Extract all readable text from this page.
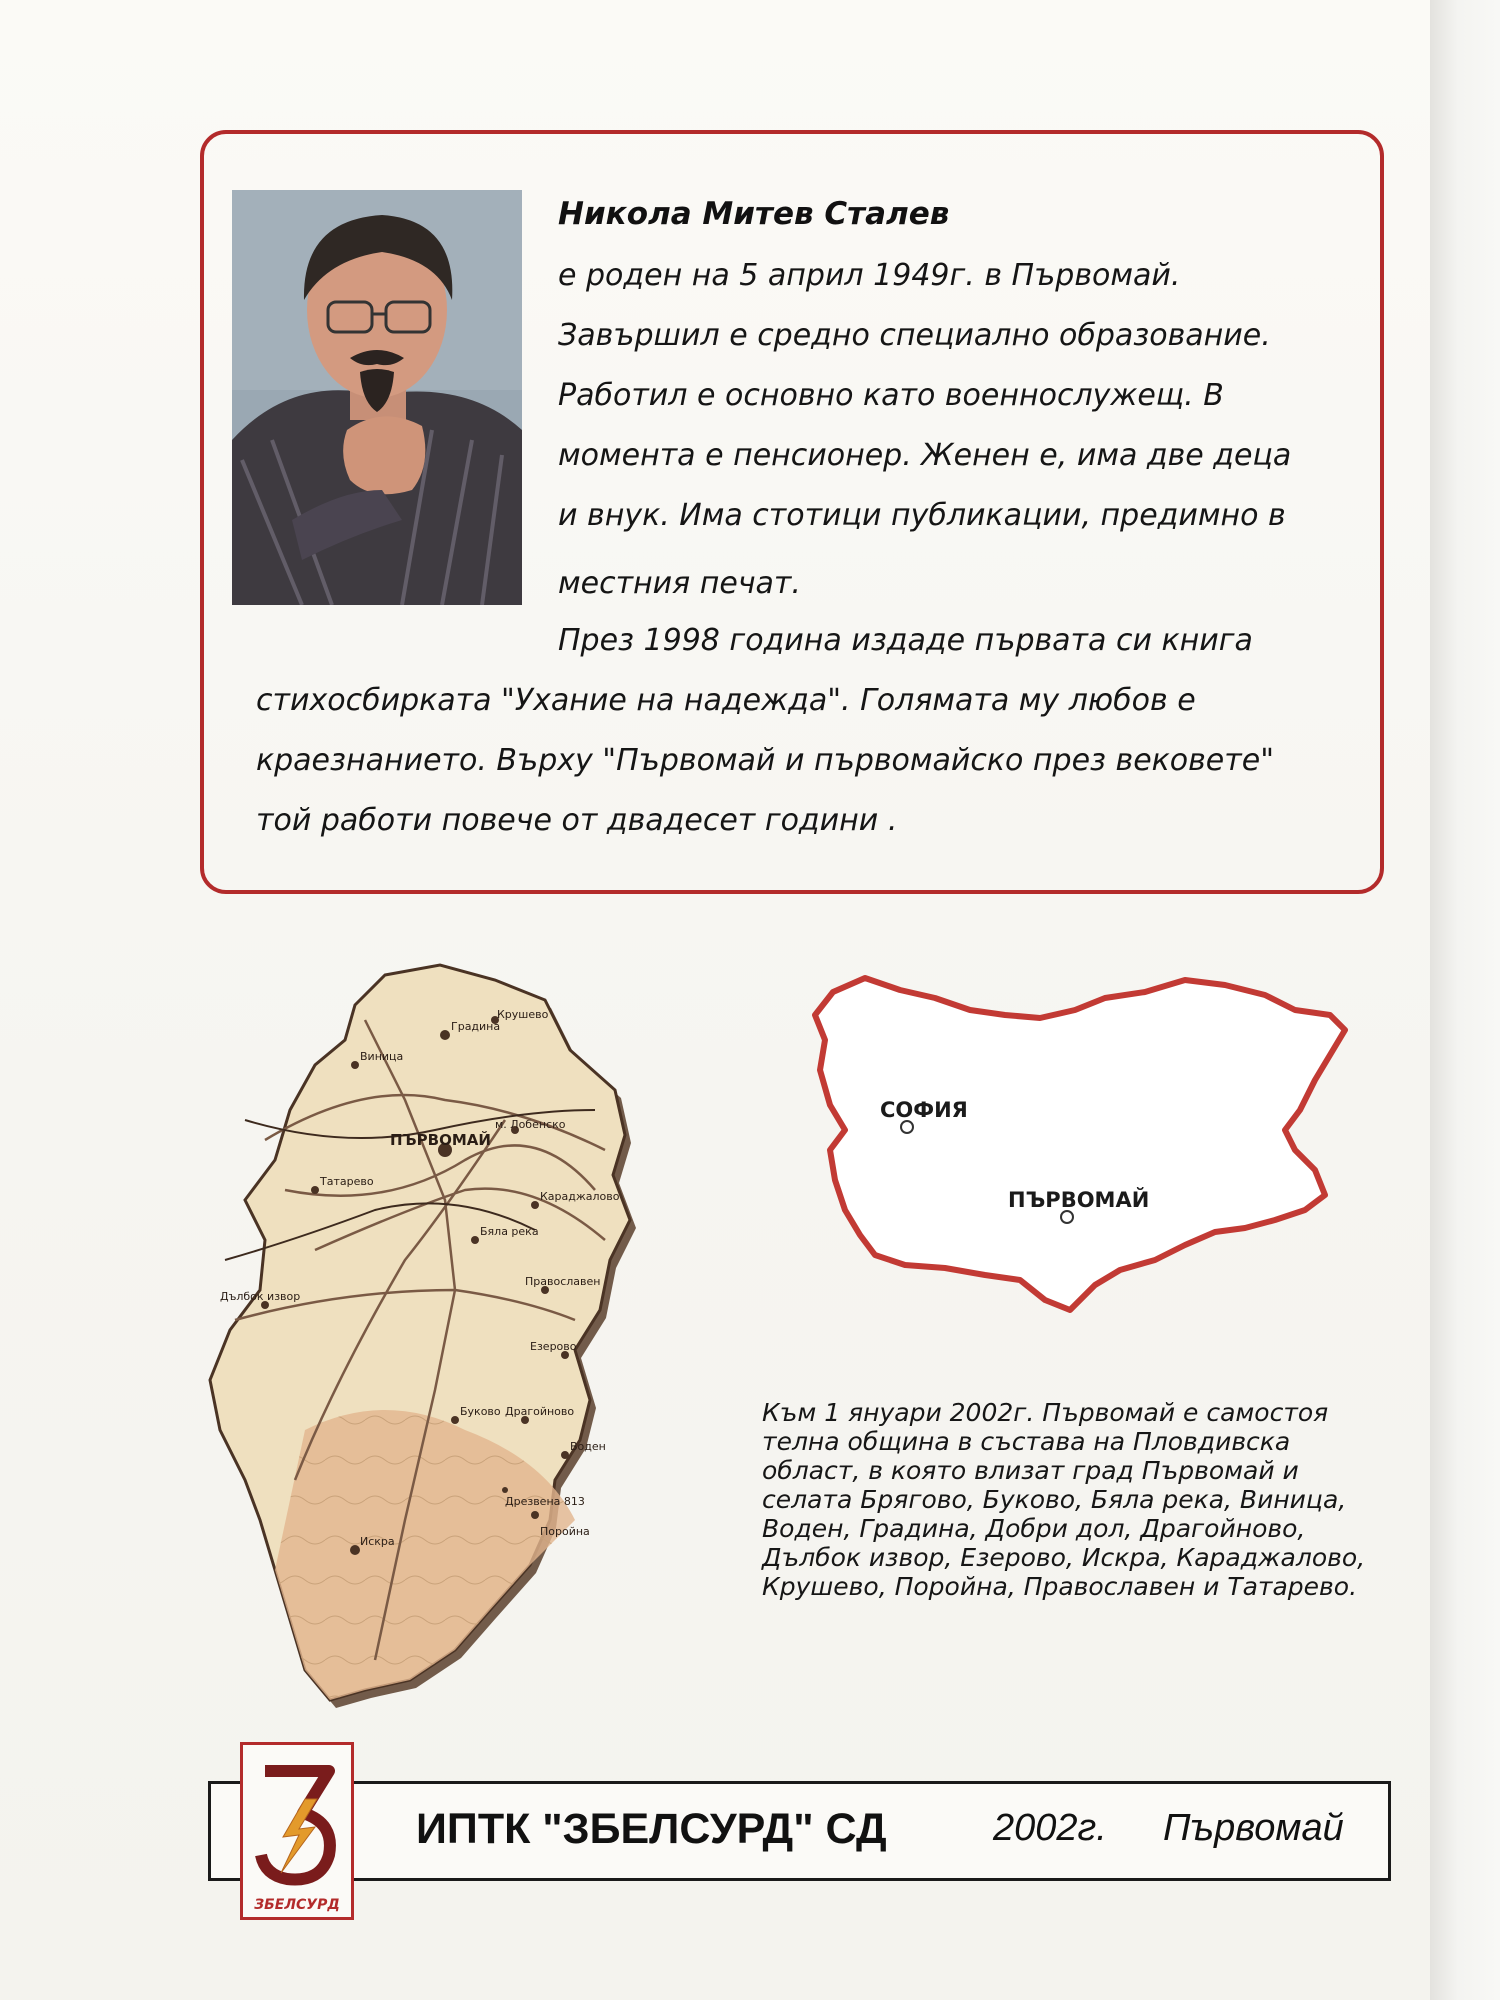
Никола Митев Сталев

е роден на 5 април 1949г. в Първомай.

Завършил е средно специално образование.

Работил е основно като военнослужещ. В

момента е пенсионер. Женен е, има две деца

и внук. Има стотици публикации, предимно в

местния печат.

През 1998 година издаде първата си книга

стихосбирката "Ухание на надежда". Голямата му любов е

краезнанието. Върху "Първомай и първомайско през вековете"

той работи повече от двадесет години .

Градина
Крушево
Виница
ПЪРВОМАЙ
м. Лобенско
Татарево
Караджалово
Бяла река
Дълбок извор
Православен
Езерово
Буково Драгойново
Воден
Дрезвена 813
Поройна
Искра

СОФИЯ

ПЪРВОМАЙ

Към 1 януари 2002г. Първомай е самостоя

телна община в състава на Пловдивска

област, в която влизат град Първомай и

селата Брягово, Буково, Бяла река, Виница,

Воден, Градина, Добри дол, Драгойново,

Дълбок извор, Езерово, Искра, Караджалово,

Крушево, Поройна, Православен и Татарево.

ЗБЕЛСУРД

ИПТК "ЗБЕЛСУРД" СД	2002г. Първомай
